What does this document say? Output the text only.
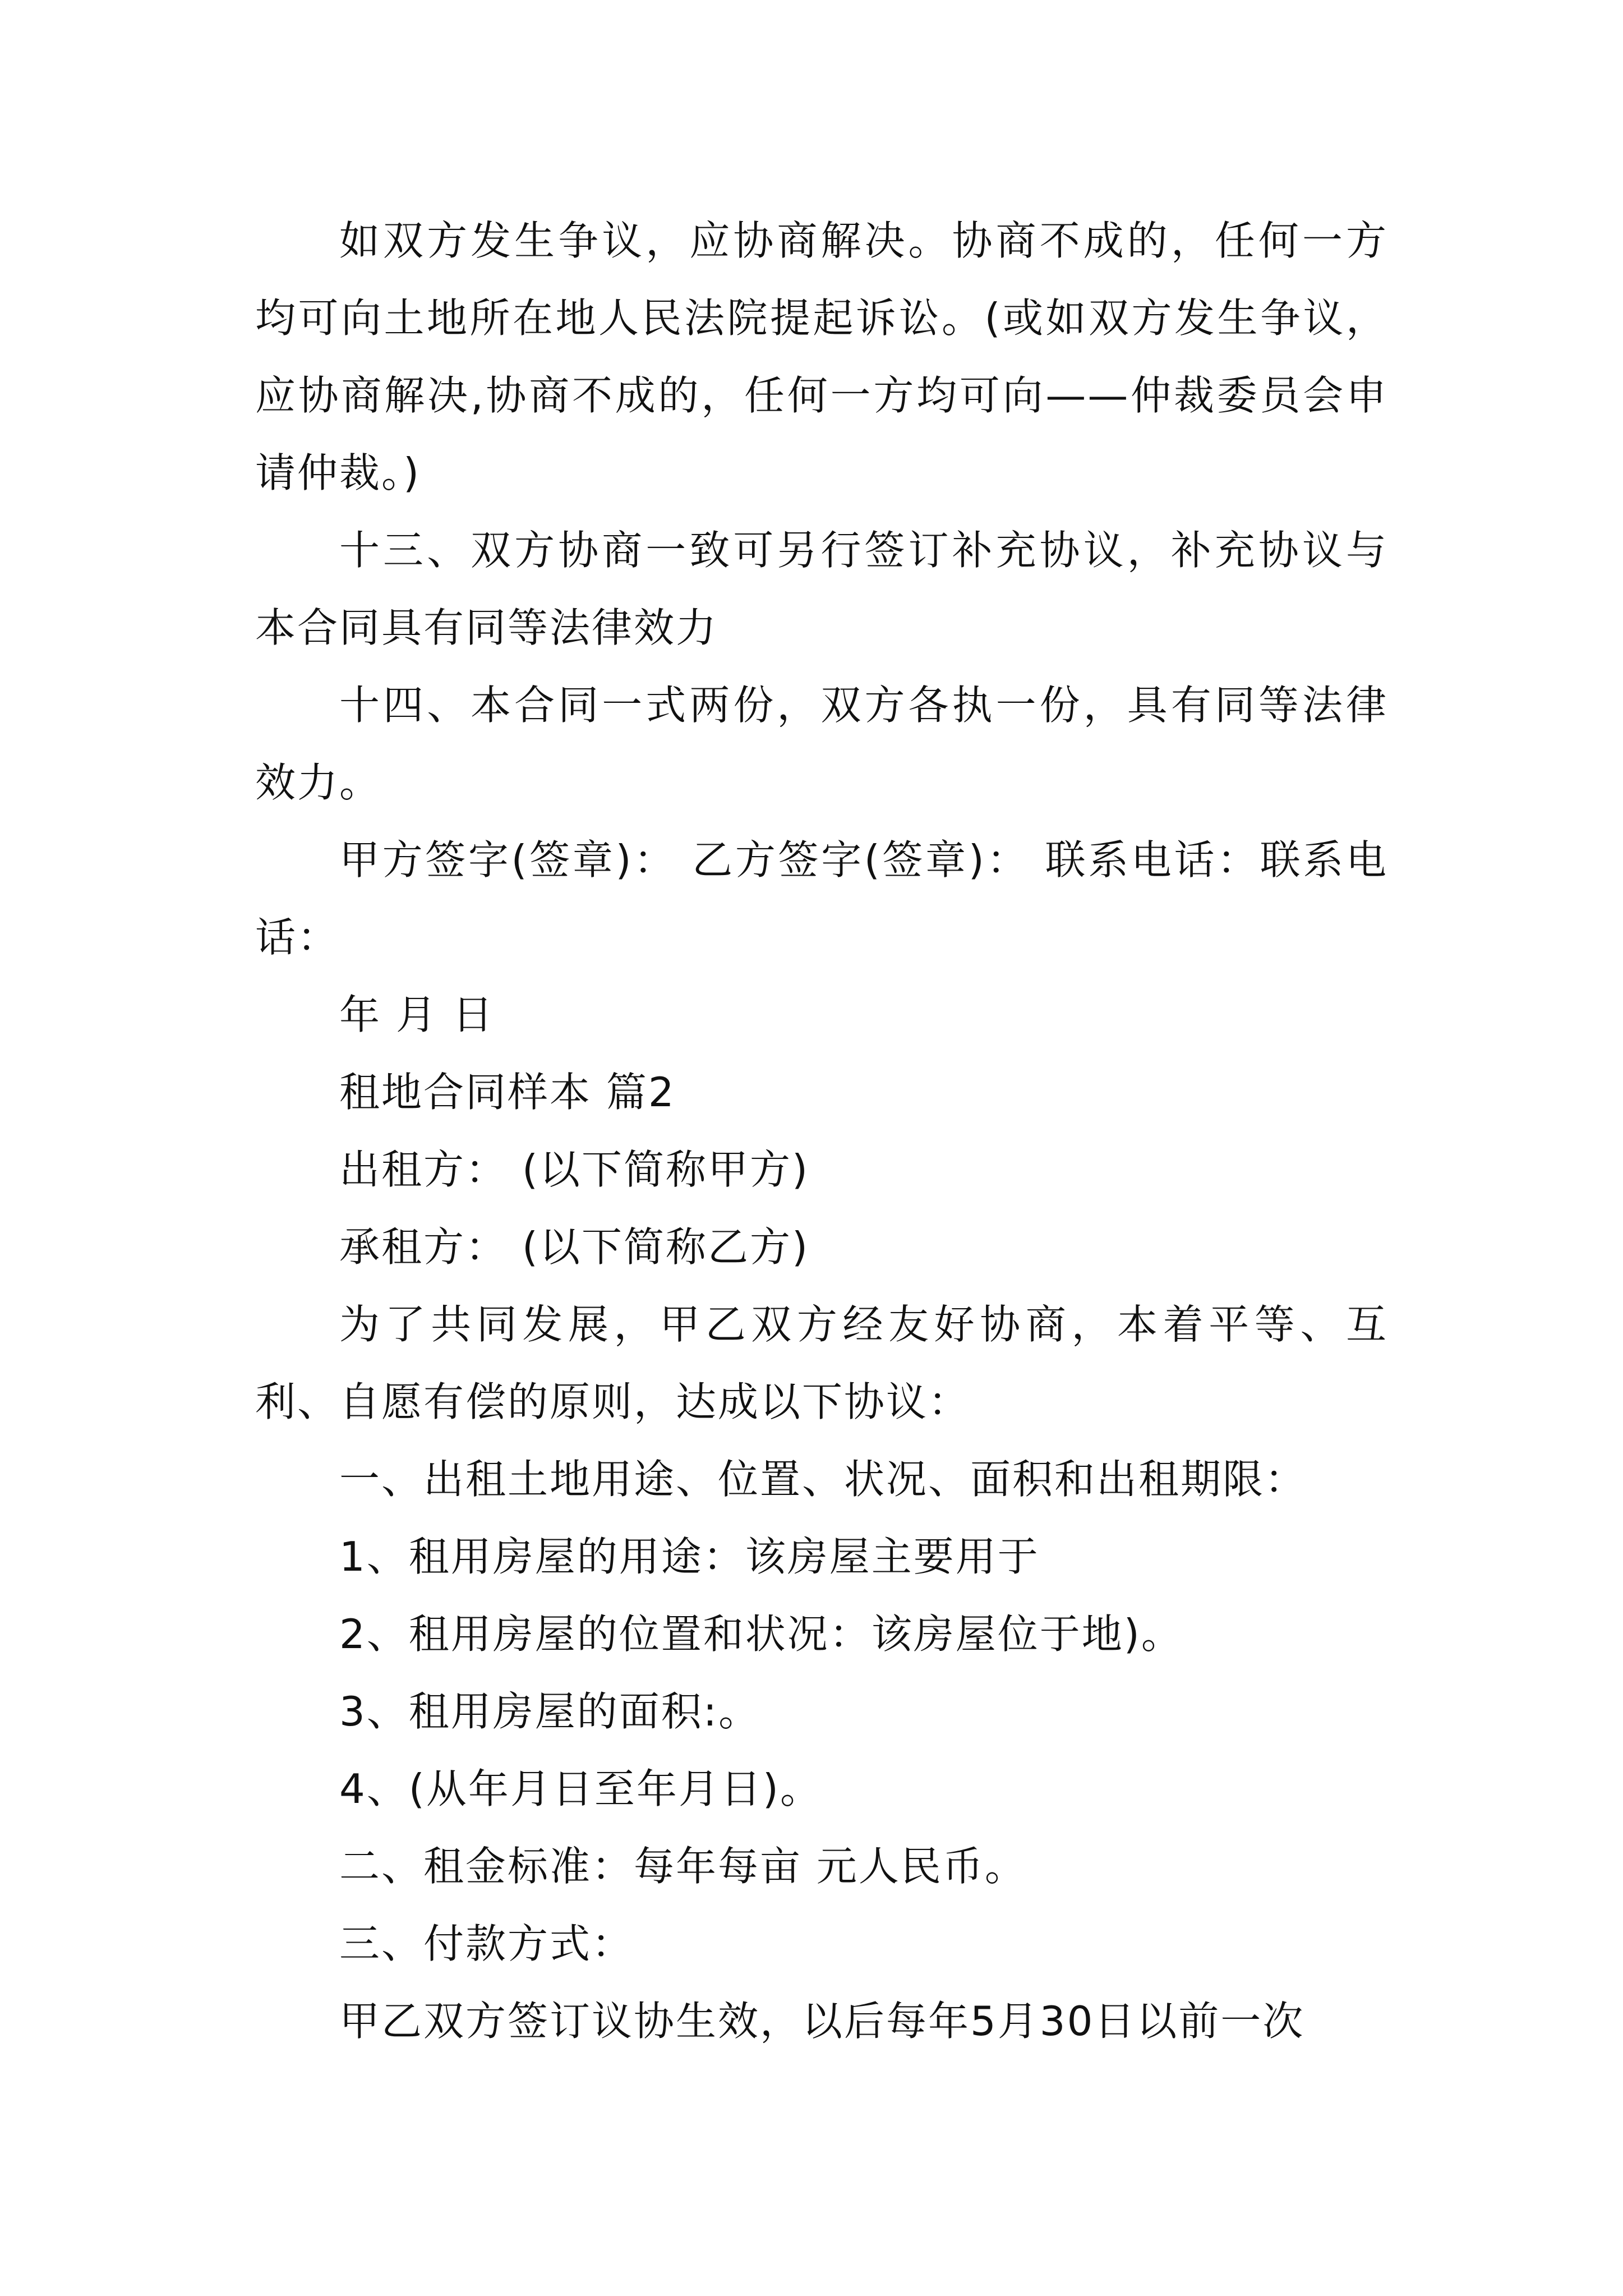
如双方发生争议，应协商解决。协商不成的，任何一方均可向土地所在地人民法院提起诉讼。(或如双方发生争议，应协商解决,协商不成的，任何一方均可向——仲裁委员会申请仲裁。)

十三、双方协商一致可另行签订补充协议，补充协议与本合同具有同等法律效力

十四、本合同一式两份，双方各执一份，具有同等法律效力。

甲方签字(签章)： 乙方签字(签章)： 联系电话：联系电话：

年 月 日

租地合同样本 篇2

出租方： (以下简称甲方)

承租方： (以下简称乙方)

为了共同发展，甲乙双方经友好协商，本着平等、互利、自愿有偿的原则，达成以下协议：

一、出租土地用途、位置、状况、面积和出租期限：

1、租用房屋的用途：该房屋主要用于

2、租用房屋的位置和状况：该房屋位于地)。

3、租用房屋的面积:。

4、(从年月日至年月日)。

二、租金标准：每年每亩 元人民币。

三、付款方式：

甲乙双方签订议协生效，以后每年5月30日以前一次
